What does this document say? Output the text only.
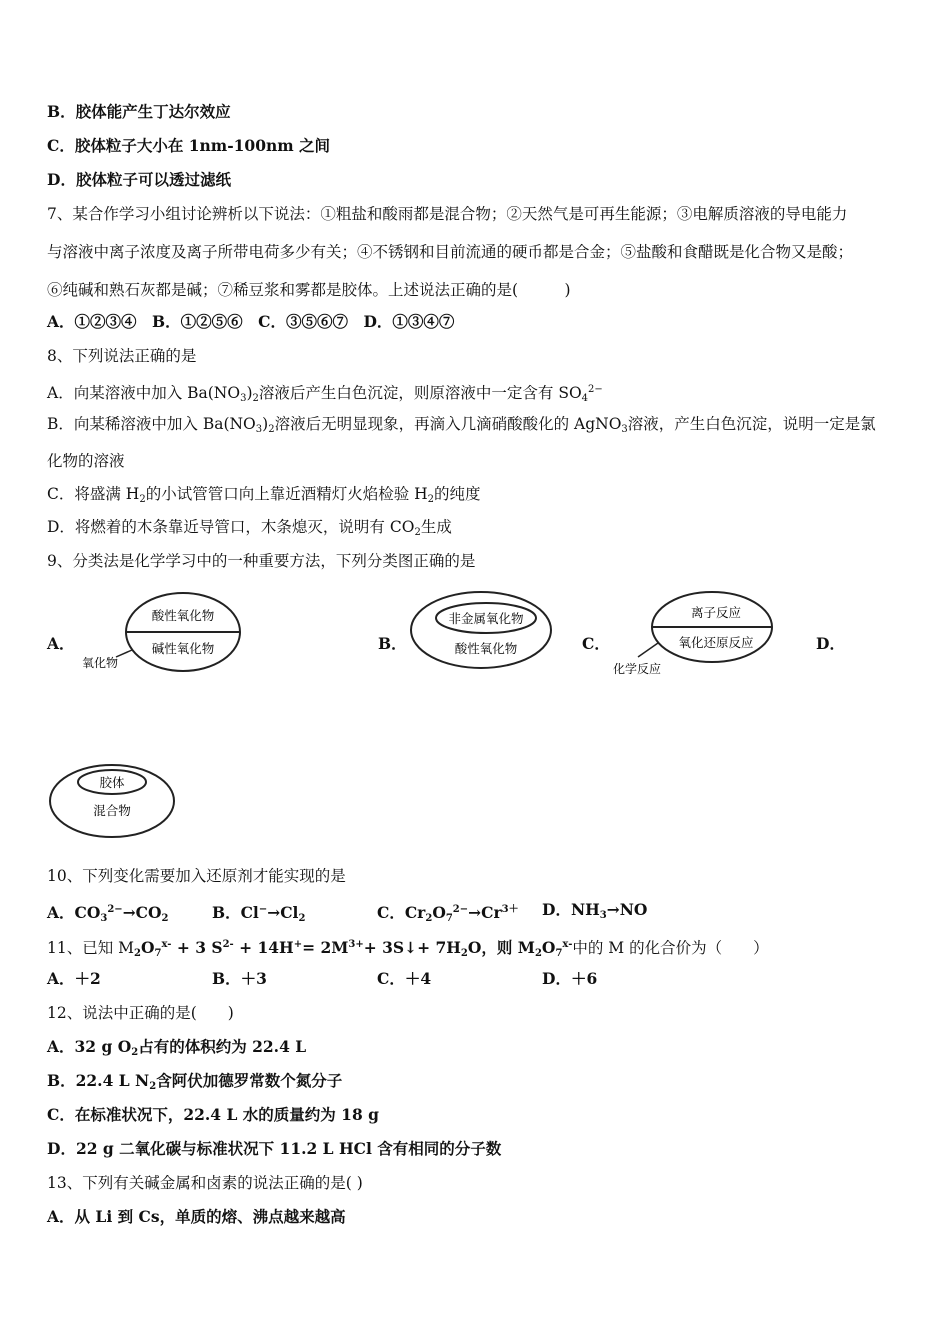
B．胶体能产生丁达尔效应
C．胶体粒子大小在 1nm-100nm 之间
D．胶体粒子可以透过滤纸
7、某合作学习小组讨论辨析以下说法：①粗盐和酸雨都是混合物；②天然气是可再生能源；③电解质溶液的导电能力
与溶液中离子浓度及离子所带电荷多少有关；④不锈钢和目前流通的硬币都是合金；⑤盐酸和食醋既是化合物又是酸；
⑥纯碱和熟石灰都是碱；⑦稀豆浆和雾都是胶体。上述说法正确的是(　　　)
A．①②③④　B．①②⑤⑥　C．③⑤⑥⑦　D．①③④⑦
8、下列说法正确的是
A．向某溶液中加入 $Ba(NO_3)_2$溶液后产生白色沉淀，则原溶液中一定含有 $SO_4^{2-}$
B．向某稀溶液中加入 $Ba(NO_3)_2$溶液后无明显现象，再滴入几滴硝酸酸化的 AgNO$_3$溶液，产生白色沉淀，说明一定是氯
化物的溶液
C．将盛满 $H_2$的小试管管口向上靠近酒精灯火焰检验 $H_2$的纯度
D．将燃着的木条靠近导管口，木条熄灭，说明有 $CO_2$生成
9、分类法是化学学习中的一种重要方法，下列分类图正确的是
A．
酸性氧化物
碱性氧化物
氧化物
B．
非金属氧化物
酸性氧化物	C．
离子反应
氧化还原反应
化学反应
D．
胶体
混合物
10、下列变化需要加入还原剂才能实现的是
A．$CO_3^{2-}\to CO_2$	B．$Cl^-\to Cl_2$	C．$Cr_2O_7^{2-}\to Cr^{3+}$ D．$NH_3\to NO$
11、已知 $M_2O_7^{x-} + 3$ $S^{2-} + 14H^+= 2M^{3+}+$ 3S↓+ $7H_2O$，则 $M_2O_7^{x-}$中的 M 的化合价为（　　）
A．＋2	B．＋3	C．＋4	D．＋6
12、说法中正确的是(　　)
A．32 g $O_2$占有的体积约为 22.4 L
B．22.4 L $N_2$含阿伏加德罗常数个氮分子
C．在标准状况下，22.4 L 水的质量约为 18 g
D．22 g 二氧化碳与标准状况下 11.2 L HCl 含有相同的分子数
13、下列有关碱金属和卤素的说法正确的是( )
A．从 Li 到 Cs，单质的熔、沸点越来越高
